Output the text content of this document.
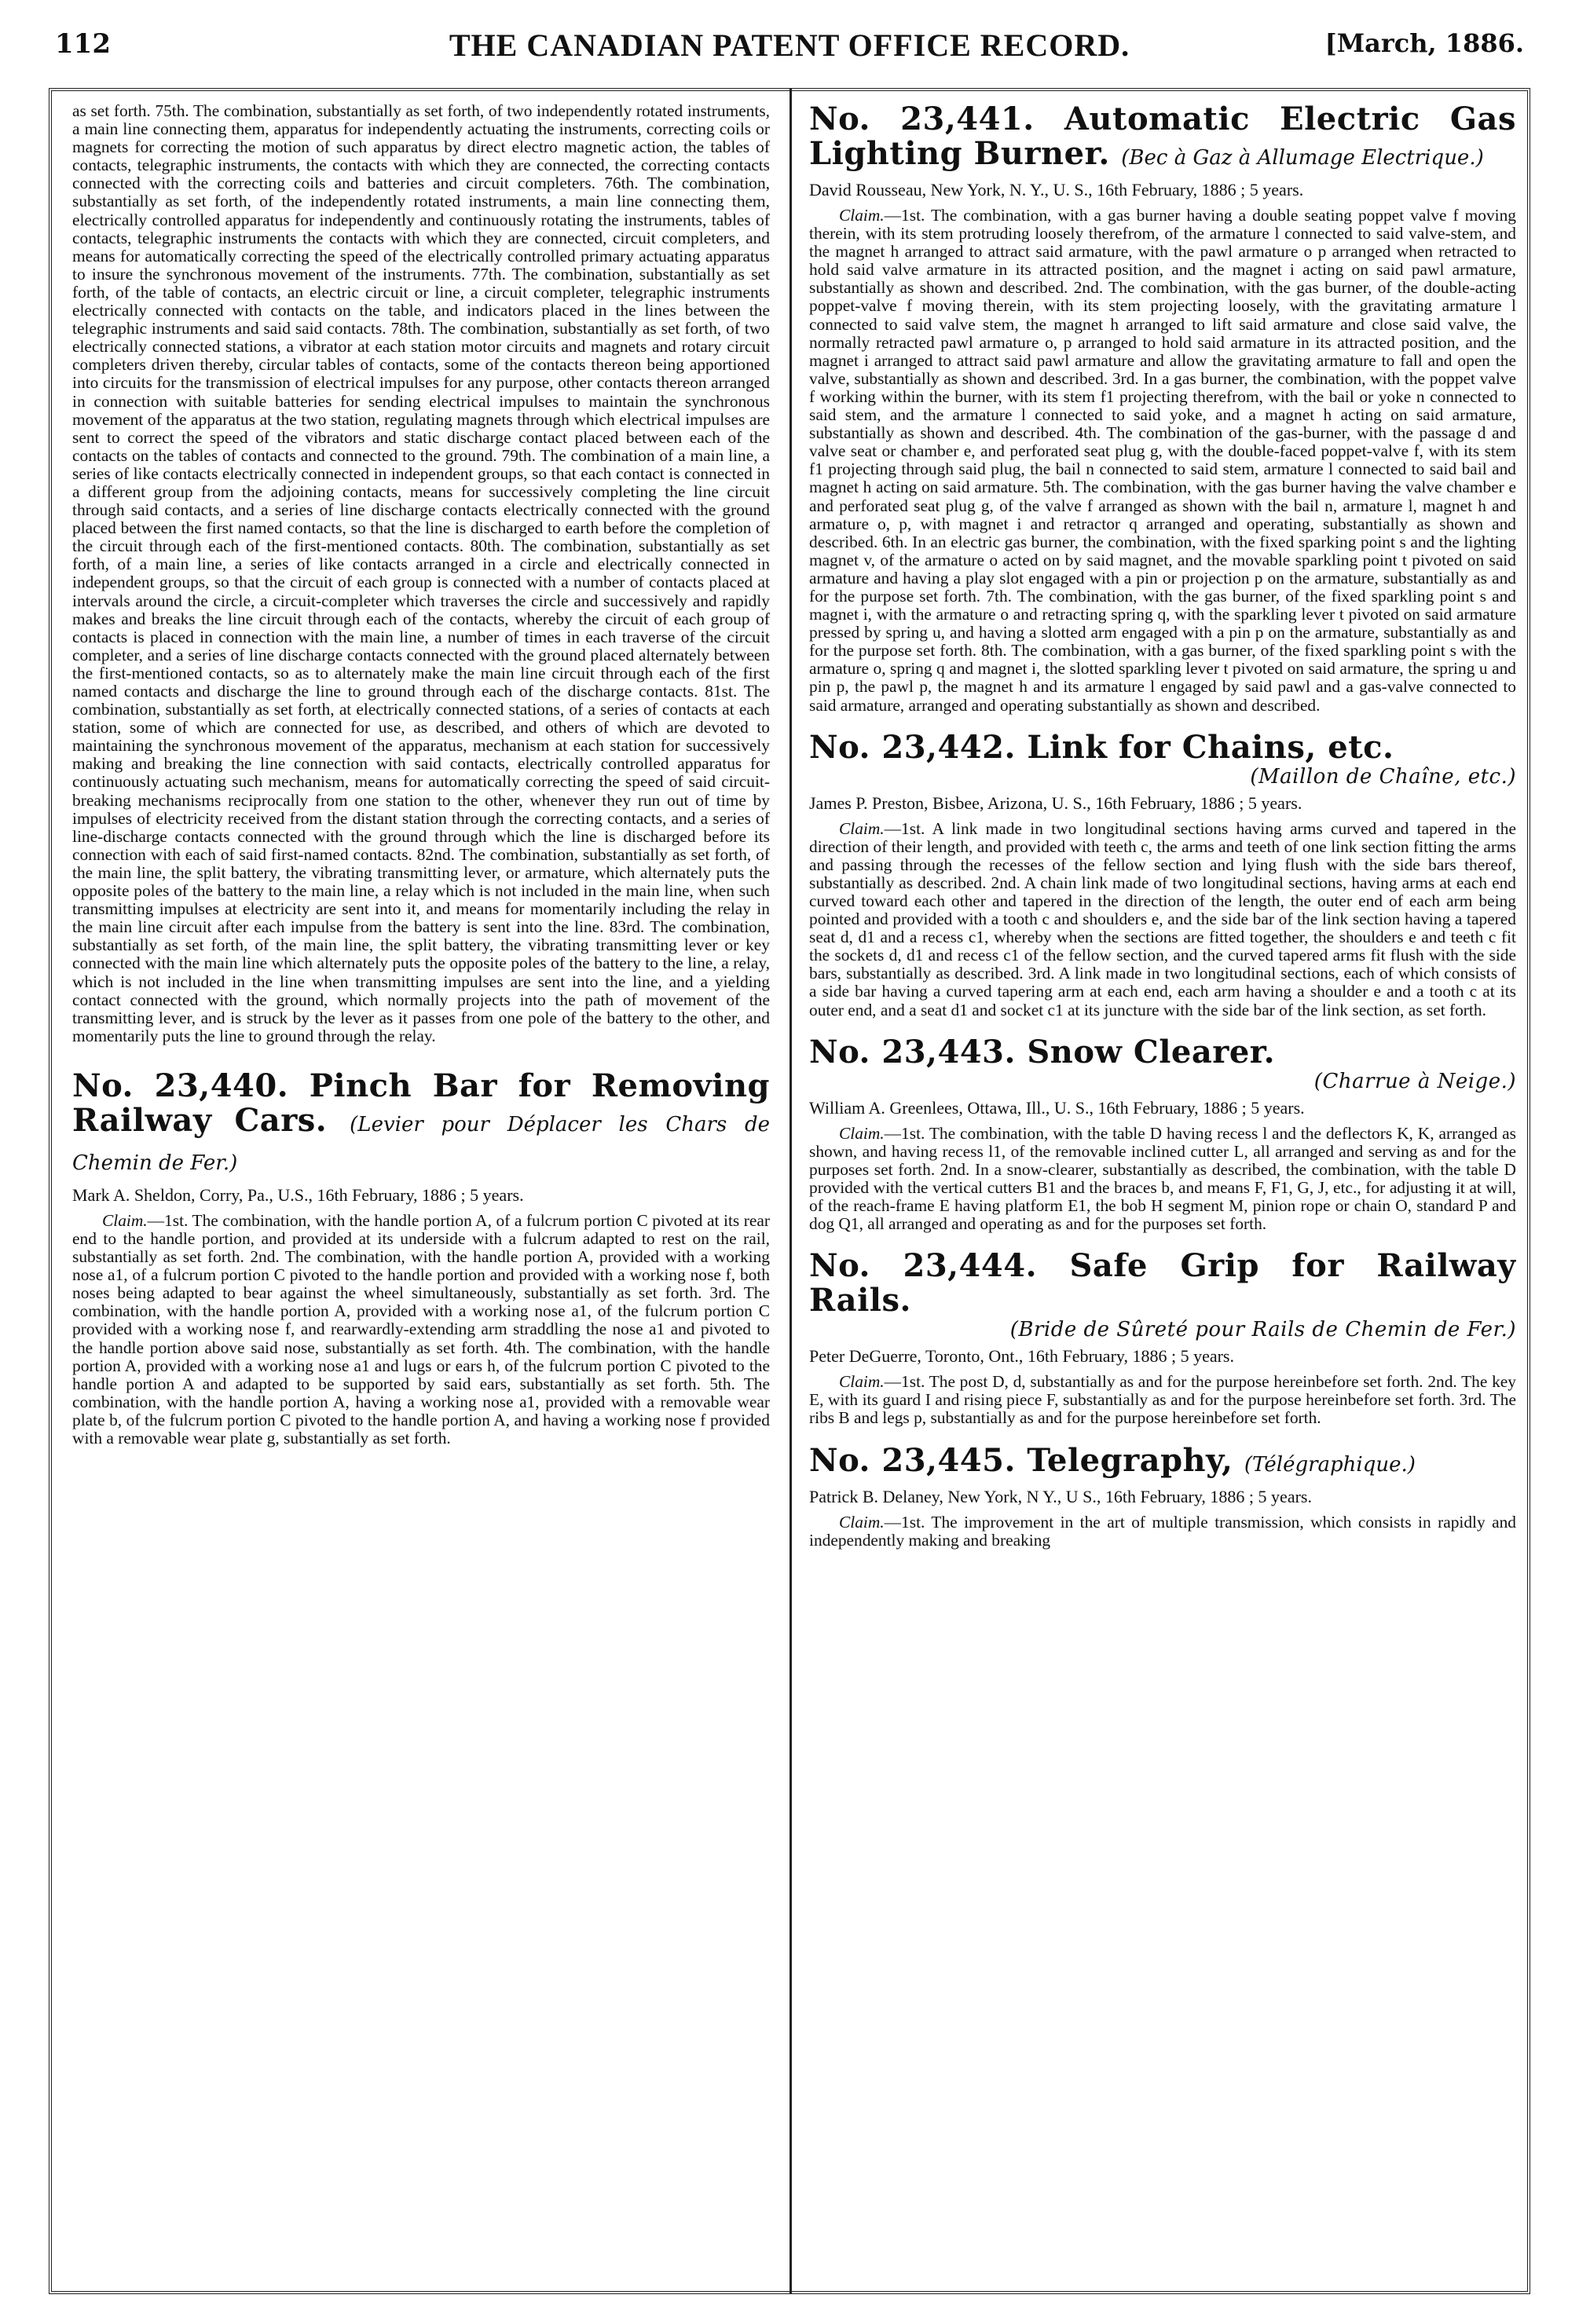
112	THE CANADIAN PATENT OFFICE RECORD.	[March, 1886.

as set forth. 75th. The combination, substantially as set forth, of two independently rotated instruments, a main line connecting them, apparatus for independently actuating the instruments, correcting coils or magnets for correcting the motion of such apparatus by direct electro magnetic action, the tables of contacts, telegraphic instruments, the contacts with which they are connected, the correcting contacts connected with the correcting coils and batteries and circuit completers. 76th. The combination, substantially as set forth, of the independently rotated instruments, a main line connecting them, electrically controlled apparatus for independently and continuously rotating the instruments, tables of contacts, telegraphic instruments the contacts with which they are connected, circuit completers, and means for automatically correcting the speed of the electrically controlled primary actuating apparatus to insure the synchronous movement of the instruments. 77th. The combination, substantially as set forth, of the table of contacts, an electric circuit or line, a circuit completer, telegraphic instruments electrically connected with contacts on the table, and indicators placed in the lines between the telegraphic instruments and said said contacts. 78th. The combination, substantially as set forth, of two electrically connected stations, a vibrator at each station motor circuits and magnets and rotary circuit completers driven thereby, circular tables of contacts, some of the contacts thereon being apportioned into circuits for the transmission of electrical impulses for any purpose, other contacts thereon arranged in connection with suitable batteries for sending electrical impulses to maintain the synchronous movement of the apparatus at the two station, regulating magnets through which electrical impulses are sent to correct the speed of the vibrators and static discharge contact placed between each of the contacts on the tables of contacts and connected to the ground. 79th. The combination of a main line, a series of like contacts electrically connected in independent groups, so that each contact is connected in a different group from the adjoining contacts, means for successively completing the line circuit through said contacts, and a series of line discharge contacts electrically connected with the ground placed between the first named contacts, so that the line is discharged to earth before the completion of the circuit through each of the first-mentioned contacts. 80th. The combination, substantially as set forth, of a main line, a series of like contacts arranged in a circle and electrically connected in independent groups, so that the circuit of each group is connected with a number of contacts placed at intervals around the circle, a circuit-completer which traverses the circle and successively and rapidly makes and breaks the line circuit through each of the contacts, whereby the circuit of each group of contacts is placed in connection with the main line, a number of times in each traverse of the circuit completer, and a series of line discharge contacts connected with the ground placed alternately between the first-mentioned contacts, so as to alternately make the main line circuit through each of the first named contacts and discharge the line to ground through each of the discharge contacts. 81st. The combination, substantially as set forth, at electrically connected stations, of a series of contacts at each station, some of which are connected for use, as described, and others of which are devoted to maintaining the synchronous movement of the apparatus, mechanism at each station for successively making and breaking the line connection with said contacts, electrically controlled apparatus for continuously actuating such mechanism, means for automatically correcting the speed of said circuit-breaking mechanisms reciprocally from one station to the other, whenever they run out of time by impulses of electricity received from the distant station through the correcting contacts, and a series of line-discharge contacts connected with the ground through which the line is discharged before its connection with each of said first-named contacts. 82nd. The combination, substantially as set forth, of the main line, the split battery, the vibrating transmitting lever, or armature, which alternately puts the opposite poles of the battery to the main line, a relay which is not included in the main line, when such transmitting impulses at electricity are sent into it, and means for momentarily including the relay in the main line circuit after each impulse from the battery is sent into the line. 83rd. The combination, substantially as set forth, of the main line, the split battery, the vibrating transmitting lever or key connected with the main line which alternately puts the opposite poles of the battery to the line, a relay, which is not included in the line when transmitting impulses are sent into the line, and a yielding contact connected with the ground, which normally projects into the path of movement of the transmitting lever, and is struck by the lever as it passes from one pole of the battery to the other, and momentarily puts the line to ground through the relay.

No. 23,440. Pinch Bar for Removing Railway Cars. (Levier pour Déplacer les Chars de Chemin de Fer.)

Mark A. Sheldon, Corry, Pa., U.S., 16th February, 1886 ; 5 years.

Claim.—1st. The combination, with the handle portion A, of a fulcrum portion C pivoted at its rear end to the handle portion, and provided at its underside with a fulcrum adapted to rest on the rail, substantially as set forth. 2nd. The combination, with the handle portion A, provided with a working nose a1, of a fulcrum portion C pivoted to the handle portion and provided with a working nose f, both noses being adapted to bear against the wheel simultaneously, substantially as set forth. 3rd. The combination, with the handle portion A, provided with a working nose a1, of the fulcrum portion C provided with a working nose f, and rearwardly-extending arm straddling the nose a1 and pivoted to the handle portion above said nose, substantially as set forth. 4th. The combination, with the handle portion A, provided with a working nose a1 and lugs or ears h, of the fulcrum portion C pivoted to the handle portion A and adapted to be supported by said ears, substantially as set forth. 5th. The combination, with the handle portion A, having a working nose a1, provided with a removable wear plate b, of the fulcrum portion C pivoted to the handle portion A, and having a working nose f provided with a removable wear plate g, substantially as set forth.

No. 23,441. Automatic Electric Gas Lighting Burner. (Bec à Gaz à Allumage Electrique.)

David Rousseau, New York, N. Y., U. S., 16th February, 1886 ; 5 years.

Claim.—1st. The combination, with a gas burner having a double seating poppet valve f moving therein, with its stem protruding loosely therefrom, of the armature l connected to said valve-stem, and the magnet h arranged to attract said armature, with the pawl armature o p arranged when retracted to hold said valve armature in its attracted position, and the magnet i acting on said pawl armature, substantially as shown and described. 2nd. The combination, with the gas burner, of the double-acting poppet-valve f moving therein, with its stem projecting loosely, with the gravitating armature l connected to said valve stem, the magnet h arranged to lift said armature and close said valve, the normally retracted pawl armature o, p arranged to hold said armature in its attracted position, and the magnet i arranged to attract said pawl armature and allow the gravitating armature to fall and open the valve, substantially as shown and described. 3rd. In a gas burner, the combination, with the poppet valve f working within the burner, with its stem f1 projecting therefrom, with the bail or yoke n connected to said stem, and the armature l connected to said yoke, and a magnet h acting on said armature, substantially as shown and described. 4th. The combination of the gas-burner, with the passage d and valve seat or chamber e, and perforated seat plug g, with the double-faced poppet-valve f, with its stem f1 projecting through said plug, the bail n connected to said stem, armature l connected to said bail and magnet h acting on said armature. 5th. The combination, with the gas burner having the valve chamber e and perforated seat plug g, of the valve f arranged as shown with the bail n, armature l, magnet h and armature o, p, with magnet i and retractor q arranged and operating, substantially as shown and described. 6th. In an electric gas burner, the combination, with the fixed sparking point s and the lighting magnet v, of the armature o acted on by said magnet, and the movable sparkling point t pivoted on said armature and having a play slot engaged with a pin or projection p on the armature, substantially as and for the purpose set forth. 7th. The combination, with the gas burner, of the fixed sparkling point s and magnet i, with the armature o and retracting spring q, with the sparkling lever t pivoted on said armature pressed by spring u, and having a slotted arm engaged with a pin p on the armature, substantially as and for the purpose set forth. 8th. The combination, with a gas burner, of the fixed sparkling point s with the armature o, spring q and magnet i, the slotted sparkling lever t pivoted on said armature, the spring u and pin p, the pawl p, the magnet h and its armature l engaged by said pawl and a gas-valve connected to said armature, arranged and operating substantially as shown and described.

No. 23,442. Link for Chains, etc.
(Maillon de Chaîne, etc.)

James P. Preston, Bisbee, Arizona, U. S., 16th February, 1886 ; 5 years.

Claim.—1st. A link made in two longitudinal sections having arms curved and tapered in the direction of their length, and provided with teeth c, the arms and teeth of one link section fitting the arms and passing through the recesses of the fellow section and lying flush with the side bars thereof, substantially as described. 2nd. A chain link made of two longitudinal sections, having arms at each end curved toward each other and tapered in the direction of the length, the outer end of each arm being pointed and provided with a tooth c and shoulders e, and the side bar of the link section having a tapered seat d, d1 and a recess c1, whereby when the sections are fitted together, the shoulders e and teeth c fit the sockets d, d1 and recess c1 of the fellow section, and the curved tapered arms fit flush with the side bars, substantially as described. 3rd. A link made in two longitudinal sections, each of which consists of a side bar having a curved tapering arm at each end, each arm having a shoulder e and a tooth c at its outer end, and a seat d1 and socket c1 at its juncture with the side bar of the link section, as set forth.

No. 23,443. Snow Clearer.
(Charrue à Neige.)

William A. Greenlees, Ottawa, Ill., U. S., 16th February, 1886 ; 5 years.

Claim.—1st. The combination, with the table D having recess l and the deflectors K, K, arranged as shown, and having recess l1, of the removable inclined cutter L, all arranged and serving as and for the purposes set forth. 2nd. In a snow-clearer, substantially as described, the combination, with the table D provided with the vertical cutters B1 and the braces b, and means F, F1, G, J, etc., for adjusting it at will, of the reach-frame E having platform E1, the bob H segment M, pinion rope or chain O, standard P and dog Q1, all arranged and operating as and for the purposes set forth.

No. 23,444. Safe Grip for Railway Rails.
(Bride de Sûreté pour Rails de Chemin de Fer.)

Peter DeGuerre, Toronto, Ont., 16th February, 1886 ; 5 years.

Claim.—1st. The post D, d, substantially as and for the purpose hereinbefore set forth. 2nd. The key E, with its guard I and rising piece F, substantially as and for the purpose hereinbefore set forth. 3rd. The ribs B and legs p, substantially as and for the purpose hereinbefore set forth.

No. 23,445. Telegraphy, (Télégraphique.)

Patrick B. Delaney, New York, N Y., U S., 16th February, 1886 ; 5 years.

Claim.—1st. The improvement in the art of multiple transmission, which consists in rapidly and independently making and breaking
